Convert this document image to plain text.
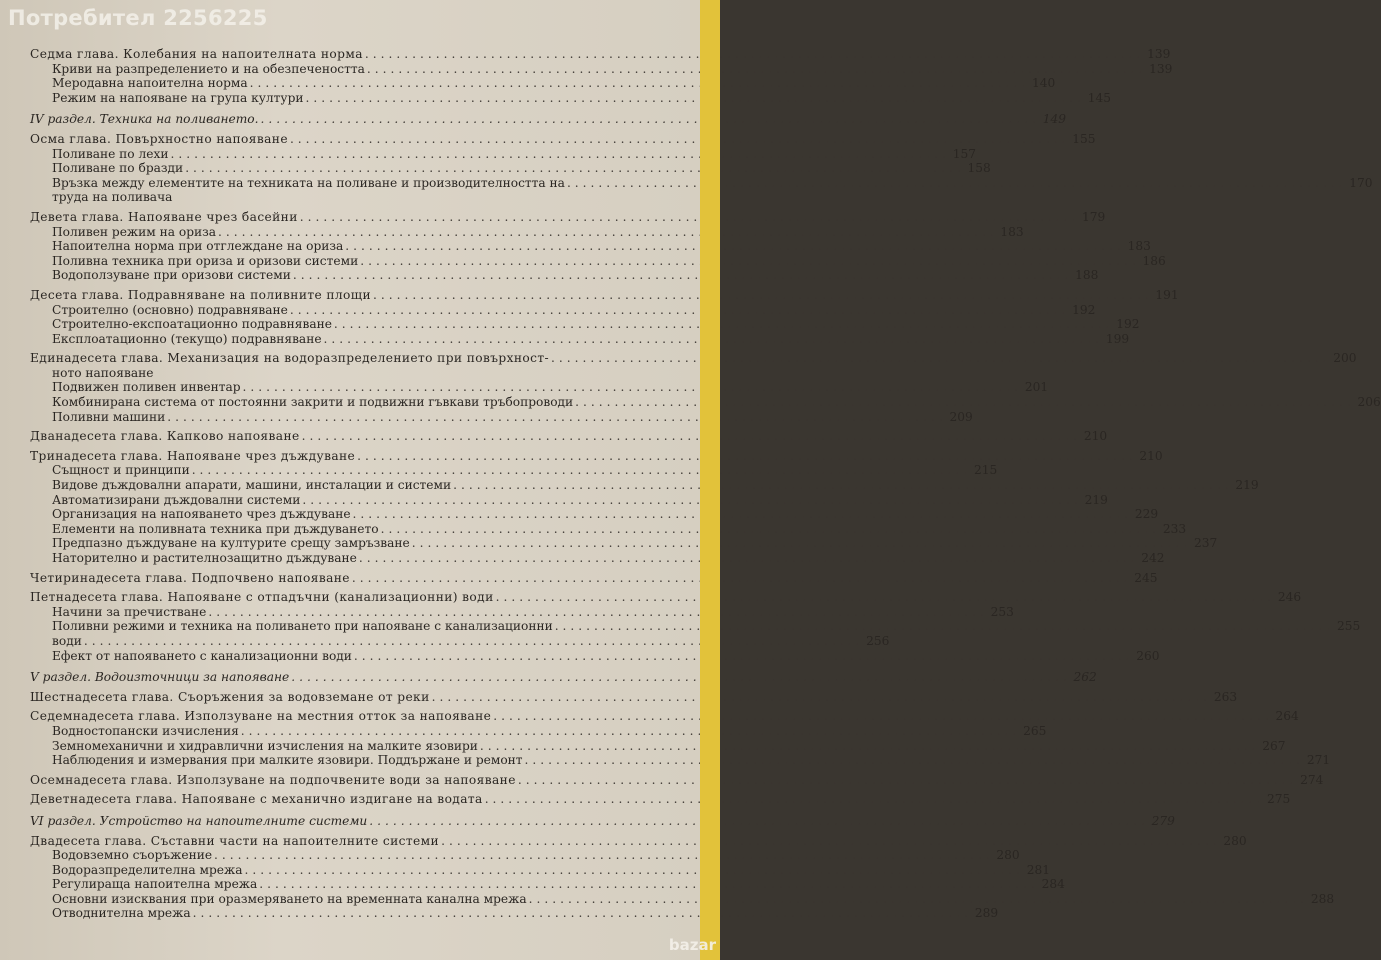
Седма глава. Колебания на напоителната норма .....	139
Криви на разпределението и на обезпечеността .....	139
Меродавна напоителна норма .....	140
Режим на напояване на група култури .....	145
IV раздел. Техника на поливането. .....	149
Осма глава. Повърхностно напояване .....	155
Поливане по лехи .....	157
Поливане по бразди .....	158
Връзка между елементите на техниката на поливане и производителността на .....	170
труда на поливача
Девета глава. Напояване чрез басейни .....	179
Поливен режим на ориза .....	183
Напоителна норма при отглеждане на ориза .....	183
Поливна техника при ориза и оризови системи .....	186
Водоползуване при оризови системи .....	188
Десета глава. Подравняване на поливните площи .....	191
Строително (основно) подравняване .....	192
Строително-експоатационно подравняване .....	192
Експлоатационно (текущо) подравняване .....	199
Единадесета глава. Механизация на водоразпределението при повърхност- .....	200
ното напояване
Подвижен поливен инвентар .....	201
Комбинирана система от постоянни закрити и подвижни гъвкави тръбопроводи .....	206
Поливни машини .....	209
Дванадесета глава. Капково напояване .....	210
Тринадесета глава. Напояване чрез дъждуване .....	210
Същност и принципи .....	215
Видове дъждовални апарати, машини, инсталации и системи .....	219
Автоматизирани дъждовални системи .....	219
Организация на напояването чрез дъждуване .....	229
Елементи на поливната техника при дъждуването .....	233
Предпазно дъждуване на културите срещу замръзване .....	237
Наторително и растителнозащитно дъждуване .....	242
Четиринадесета глава. Подпочвено напояване .....	245
Петнадесета глава. Напояване с отпадъчни (канализационни) води .....	246
Начини за пречистване .....	253
Поливни режими и техника на поливането при напояване с канализационни .....	255
води .....	256
Ефект от напояването с канализационни води .....	260
V раздел. Водоизточници за напояване .....	262
Шестнадесета глава. Съоръжения за водовземане от реки .....	263
Седемнадесета глава. Използуване на местния отток за напояване .....	264
Водностопански изчисления .....	265
Земномеханични и хидравлични изчисления на малките язовири .....	267
Наблюдения и измервания при малките язовири. Поддържане и ремонт .....	271
Осемнадесета глава. Използуване на подпочвените води за напояване .....	274
Деветнадесета глава. Напояване с механично издигане на водата .....	275
VI раздел. Устройство на напоителните системи .....	279
Двадесета глава. Съставни части на напоителните системи .....	280
Водовземно съоръжение .....	280
Водоразпределителна мрежа .....	281
Регулираща напоителна мрежа .....	284
Основни изисквания при оразмеряването на временната канална мрежа .....	288
Отводнителна мрежа .....	289
Потребител 2256225
bazar
